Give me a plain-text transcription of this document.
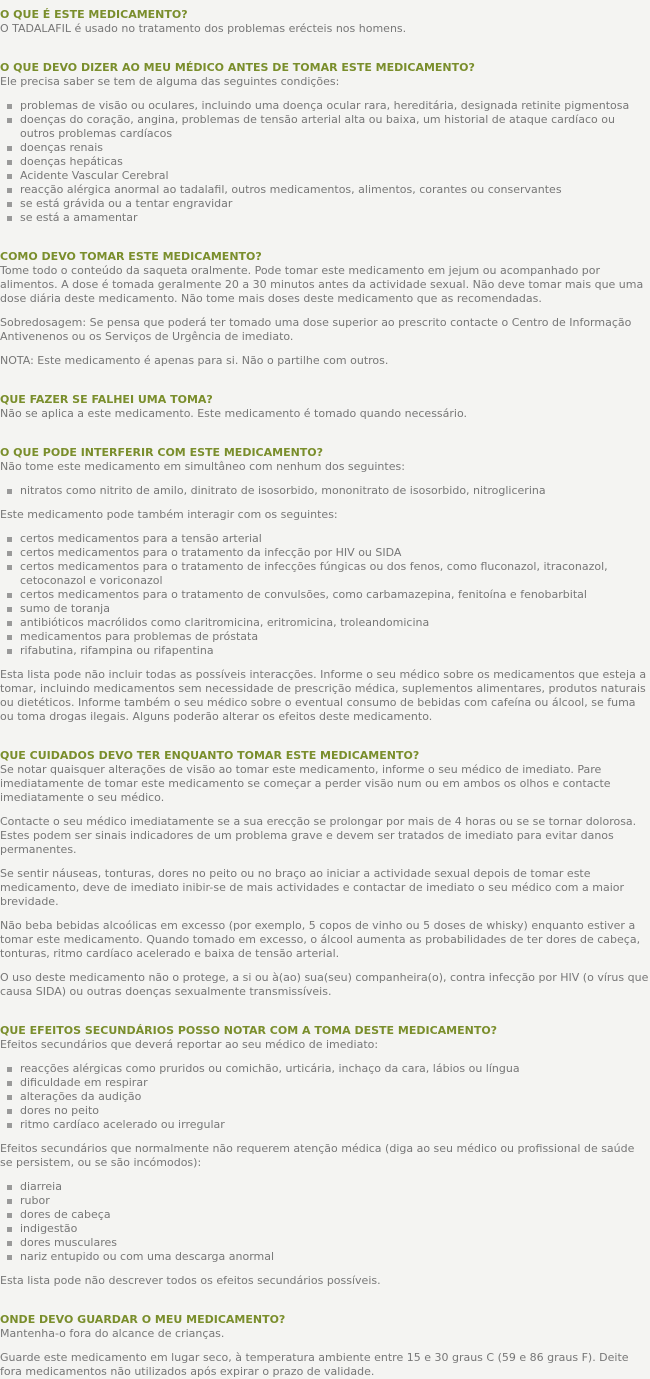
O QUE É ESTE MEDICAMENTO?

O TADALAFIL é usado no tratamento dos problemas eréctеis nos homens.

O QUE DEVO DIZER AO MEU MÉDICO ANTES DE TOMAR ESTE MEDICAMENTO?

Ele precisa saber se tem de alguma das seguintes condições:

problemas de visão ou oculares, incluindo uma doença ocular rara, hereditária, designada retinite pigmentosa
doenças do coração, angina, problemas de tensão arterial alta ou baixa, um historial de ataque cardíaco ou outros problemas cardíacos
doenças renais
doenças hepáticas
Acidente Vascular Cerebral
reacção alérgica anormal ao tadalafil, outros medicamentos, alimentos, corantes ou conservantes
se está grávida ou a tentar engravidar
se está a amamentar
COMO DEVO TOMAR ESTE MEDICAMENTO?

Tome todo o conteúdo da saqueta oralmente. Pode tomar este medicamento em jejum ou acompanhado por alimentos. A dose é tomada geralmente 20 a 30 minutos antes da actividade sexual. Não deve tomar mais que uma dose diária deste medicamento. Não tome mais doses deste medicamento que as recomendadas.

Sobredosagem: Se pensa que poderá ter tomado uma dose superior ao prescrito contacte o Centro de Informação Antivenenos ou os Serviços de Urgência de imediato.

NOTA: Este medicamento é apenas para si. Não o partilhe com outros.

QUE FAZER SE FALHEI UMA TOMA?

Não se aplica a este medicamento. Este medicamento é tomado quando necessário.

O QUE PODE INTERFERIR COM ESTE MEDICAMENTO?

Não tome este medicamento em simultâneo com nenhum dos seguintes:

nitratos como nitrito de amilo, dinitrato de isosorbido, mononitrato de isosorbido, nitroglicerina

Este medicamento pode também interagir com os seguintes:

certos medicamentos para a tensão arterial
certos medicamentos para o tratamento da infecção por HIV ou SIDA
certos medicamentos para o tratamento de infecções fúngicas ou dos fenos, como fluconazol, itraconazol, cetoconazol e voriconazol
certos medicamentos para o tratamento de convulsões, como carbamazepina, fenitoína e fenobarbital
sumo de toranja
antibióticos macrólidos como claritromicina, eritromicina, troleandomicina
medicamentos para problemas de próstata
rifabutina, rifampina ou rifapentina

Esta lista pode não incluir todas as possíveis interacções. Informe o seu médico sobre os medicamentos que esteja a tomar, incluindo medicamentos sem necessidade de prescrição médica, suplementos alimentares, produtos naturais ou dietéticos. Informe também o seu médico sobre o eventual consumo de bebidas com cafeína ou álcool, se fuma ou toma drogas ilegais. Alguns poderão alterar os efeitos deste medicamento.

QUE CUIDADOS DEVO TER ENQUANTO TOMAR ESTE MEDICAMENTO?

Se notar quaisquer alterações de visão ao tomar este medicamento, informe o seu médico de imediato. Pare imediatamente de tomar este medicamento se começar a perder visão num ou em ambos os olhos e contacte imediatamente o seu médico.

Contacte o seu médico imediatamente se a sua erecção se prolongar por mais de 4 horas ou se se tornar dolorosa. Estes podem ser sinais indicadores de um problema grave e devem ser tratados de imediato para evitar danos permanentes.

Se sentir náuseas, tonturas, dores no peito ou no braço ao iniciar a actividade sexual depois de tomar este medicamento, deve de imediato inibir-se de mais actividades e contactar de imediato o seu médico com a maior brevidade.

Não beba bebidas alcoólicas em excesso (por exemplo, 5 copos de vinho ou 5 doses de whisky) enquanto estiver a tomar este medicamento. Quando tomado em excesso, o álcool aumenta as probabilidades de ter dores de cabeça, tonturas, ritmo cardíaco acelerado e baixa de tensão arterial.

O uso deste medicamento não o protege, a si ou à(ao) sua(seu) companheira(o), contra infecção por HIV (o vírus que causa SIDA) ou outras doenças sexualmente transmissíveis.

QUE EFEITOS SECUNDÁRIOS POSSO NOTAR COM A TOMA DESTE MEDICAMENTO?

Efeitos secundários que deverá reportar ao seu médico de imediato:

reacções alérgicas como pruridos ou comichão, urticária, inchaço da cara, lábios ou língua
dificuldade em respirar
alterações da audição
dores no peito
ritmo cardíaco acelerado ou irregular

Efeitos secundários que normalmente não requerem atenção médica (diga ao seu médico ou profissional de saúde se persistem, ou se são incómodos):

diarreia
rubor
dores de cabeça
indigestão
dores musculares
nariz entupido ou com uma descarga anormal

Esta lista pode não descrever todos os efeitos secundários possíveis.

ONDE DEVO GUARDAR O MEU MEDICAMENTO?

Mantenha-o fora do alcance de crianças.

Guarde este medicamento em lugar seco, à temperatura ambiente entre 15 e 30 graus C (59 e 86 graus F). Deite fora medicamentos não utilizados após expirar o prazo de validade.
